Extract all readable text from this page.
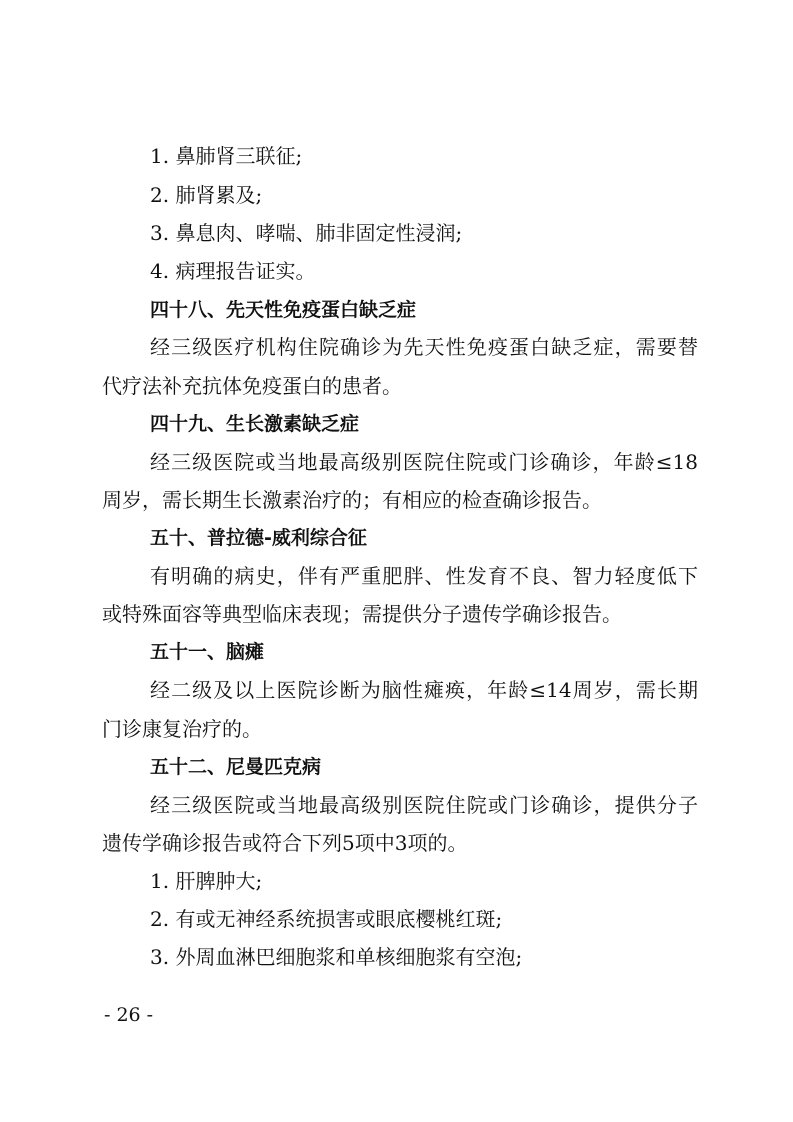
1. 鼻肺肾三联征;

2. 肺肾累及;

3. 鼻息肉、哮喘、肺非固定性浸润;

4. 病理报告证实。

四十八、先天性免疫蛋白缺乏症

经三级医疗机构住院确诊为先天性免疫蛋白缺乏症，需要替

代疗法补充抗体免疫蛋白的患者。

四十九、生长激素缺乏症

经三级医院或当地最高级别医院住院或门诊确诊，年龄≤18

周岁，需长期生长激素治疗的；有相应的检查确诊报告。

五十、普拉德-威利综合征

有明确的病史，伴有严重肥胖、性发育不良、智力轻度低下

或特殊面容等典型临床表现；需提供分子遗传学确诊报告。

五十一、脑瘫

经二级及以上医院诊断为脑性瘫痪，年龄≤14周岁，需长期

门诊康复治疗的。

五十二、尼曼匹克病

经三级医院或当地最高级别医院住院或门诊确诊，提供分子

遗传学确诊报告或符合下列5项中3项的。

1. 肝脾肿大;

2. 有或无神经系统损害或眼底樱桃红斑;

3. 外周血淋巴细胞浆和单核细胞浆有空泡;

- 26 -
